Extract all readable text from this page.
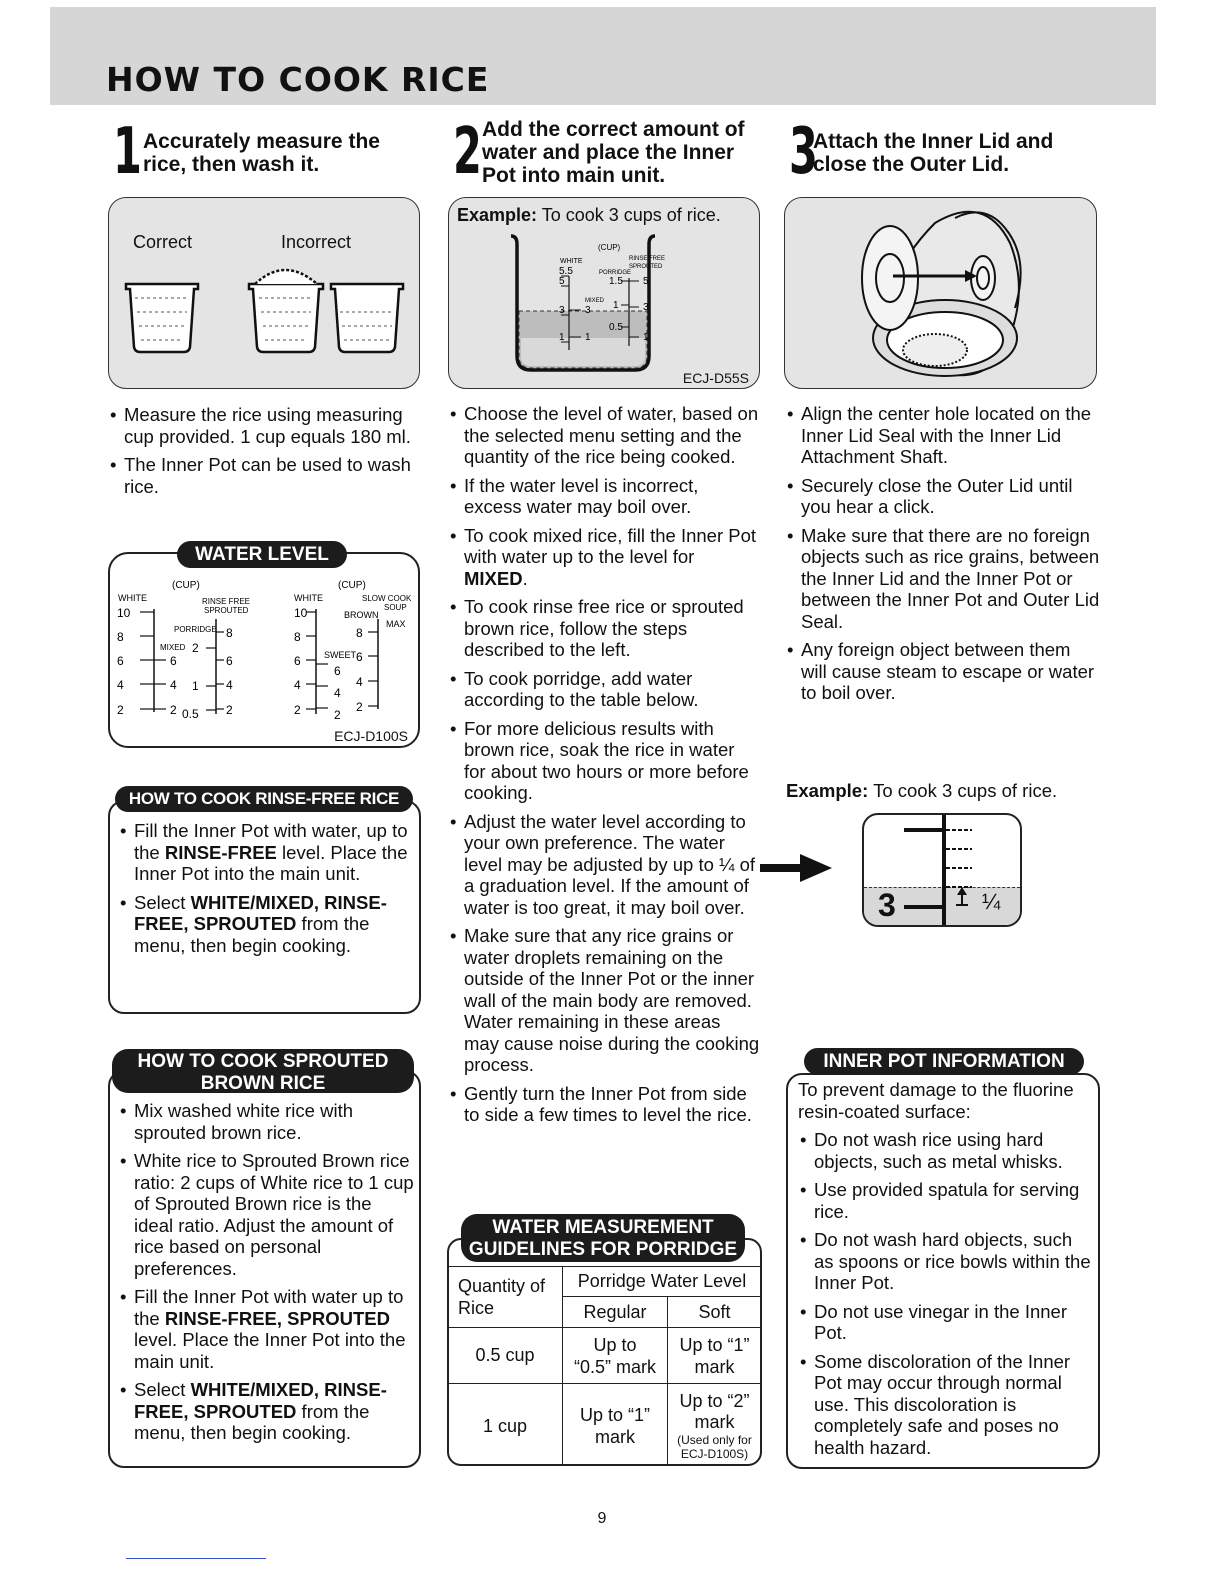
HOW TO COOK RICE
1 Accurately measure the
rice, then wash it.
Correct	Incorrect
• Measure the rice using measuring cup provided. 1 cup equals 180 ml.
• The Inner Pot can be used to wash rice.
(CUP)
WHITE	RINSE FREE
SPROUTED
10
8
6
4
2
PORRIDGE
MIXED
6
4
2
2
1
0.5
8
6
4
2
(CUP)
WHITE	SLOW COOK
SOUP
BROWN
MAX
10
8
6
4
2
SWEET
6
4
2
8
6
4
2
ECJ-D100S
WATER LEVEL
• Fill the Inner Pot with water, up to the RINSE-FREE level. Place the Inner Pot into the main unit.
• Select WHITE/MIXED, RINSE-FREE, SPROUTED from the menu, then begin cooking.
HOW TO COOK RINSE-FREE RICE
• Mix washed white rice with sprouted brown rice.
• White rice to Sprouted Brown rice ratio: 2 cups of White rice to 1 cup of Sprouted Brown rice is the ideal ratio. Adjust the amount of rice based on personal preferences.
• Fill the Inner Pot with water up to the RINSE-FREE, SPROUTED level. Place the Inner Pot into the main unit.
• Select WHITE/MIXED, RINSE-FREE, SPROUTED from the menu, then begin cooking.
HOW TO COOK SPROUTED
BROWN RICE
2 Add the correct amount of
water and place the Inner
Pot into main unit.
Example: To cook 3 cups of rice.
(CUP)
WHITE	RINSE FREE
SPROUTED
PORRIDGE
MIXED
5.5
5
3
1
5
3
1
1.5
1
0.5
3
1
ECJ-D55S
• Choose the level of water, based on the selected menu setting and the quantity of the rice being cooked.
• If the water level is incorrect, excess water may boil over.
• To cook mixed rice, fill the Inner Pot with water up to the level for MIXED.
• To cook rinse free rice or sprouted brown rice, follow the steps described to the left.
• To cook porridge, add water according to the table below.
• For more delicious results with brown rice, soak the rice in water for about two hours or more before cooking.
• Adjust the water level according to your own preference. The water level may be adjusted by up to ¼ of a graduation level. If the amount of water is too great, it may boil over.
• Make sure that any rice grains or water droplets remaining on the outside of the Inner Pot or the inner wall of the main body are removed. Water remaining in these areas may cause noise during the cooking process.
• Gently turn the Inner Pot from side to side a few times to level the rice.
Quantity of Rice	Porridge Water Level	
	Regular	Soft
0.5 cup	Up to “0.5” mark	Up to “1” mark
1 cup	Up to “1” mark	Up to “2” mark
(Used only for ECJ-D100S)
WATER MEASUREMENT
GUIDELINES FOR PORRIDGE
3
Attach the Inner Lid and
close the Outer Lid.
• Align the center hole located on the Inner Lid Seal with the Inner Lid Attachment Shaft.
• Securely close the Outer Lid until you hear a click.
• Make sure that there are no foreign objects such as rice grains, between the Inner Lid and the Inner Pot or between the Inner Pot and Outer Lid Seal.
• Any foreign object between them will cause steam to escape or water to boil over.
Example: To cook 3 cups of rice.
3	¼
To prevent damage to the fluorine resin-coated surface:
• Do not wash rice using hard objects, such as metal whisks.
• Use provided spatula for serving rice.
• Do not wash hard objects, such as spoons or rice bowls within the Inner Pot.
• Do not use vinegar in the Inner Pot.
• Some discoloration of the Inner Pot may occur through normal use. This discoloration is completely safe and poses no health hazard.
INNER POT INFORMATION
9
